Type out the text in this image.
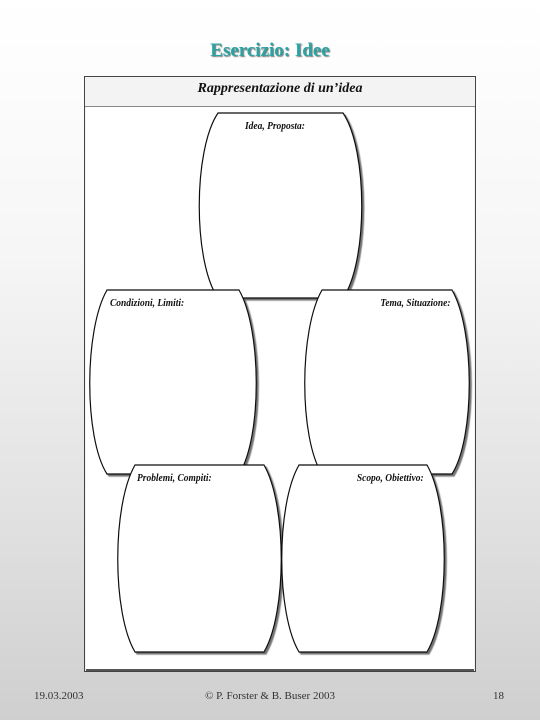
Esercizio: Idee
Rappresentazione di un’idea
Idea, Proposta:
Condizioni, Limiti:	Tema, Situazione:
Problemi, Compiti:	Scopo, Obiettivo:
19.03.2003	© P. Forster & B. Buser 2003	18
